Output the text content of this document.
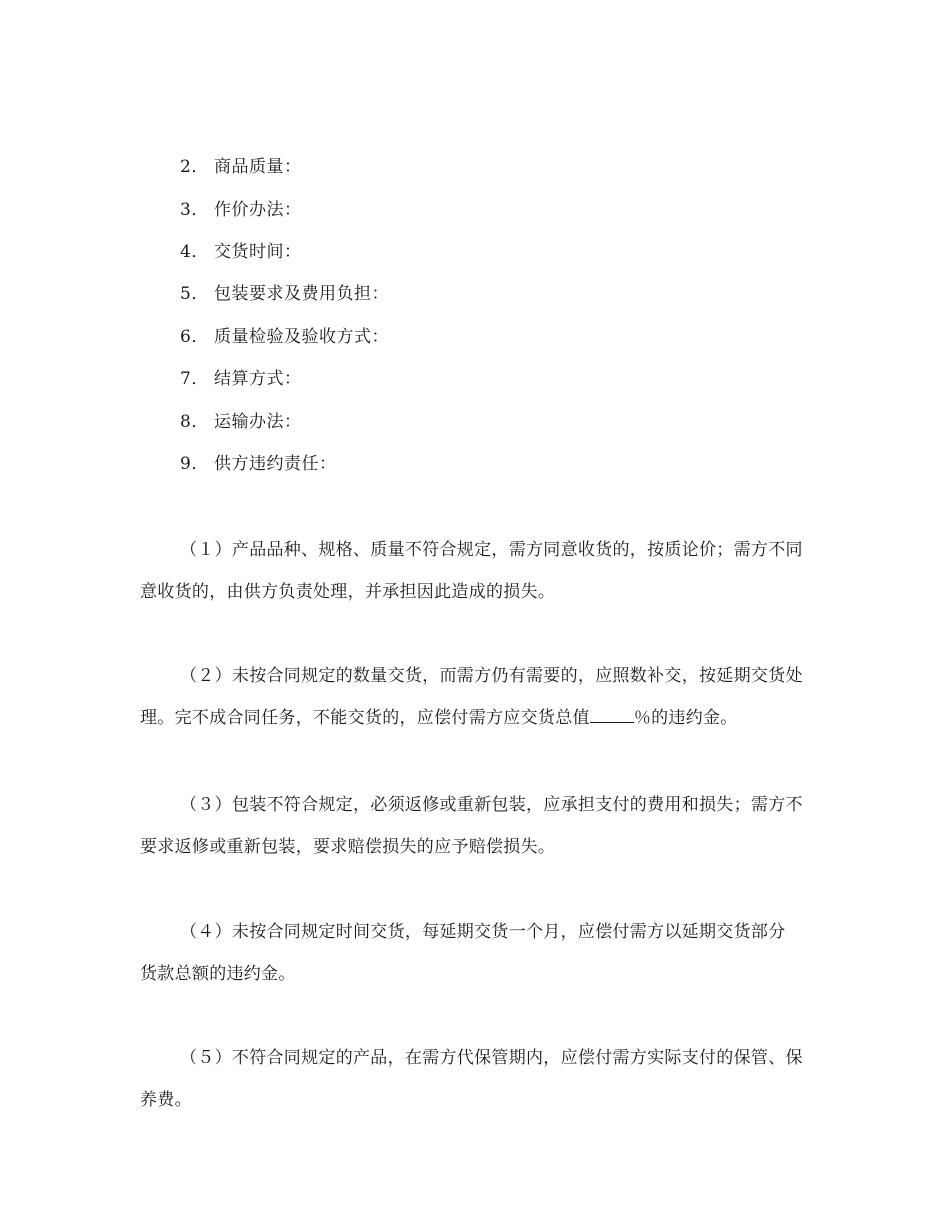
2． 商品质量：
3． 作价办法：
4． 交货时间：
5． 包装要求及费用负担：
6． 质量检验及验收方式：
7． 结算方式：
8． 运输办法：
9． 供方违约责任：
（１）产品品种、规格、质量不符合规定，需方同意收货的，按质论价；需方不同
意收货的，由供方负责处理，并承担因此造成的损失。
（２）未按合同规定的数量交货，而需方仍有需要的，应照数补交，按延期交货处
理。完不成合同任务，不能交货的，应偿付需方应交货总值	％的违约金。
（３）包装不符合规定，必须返修或重新包装，应承担支付的费用和损失；需方不
要求返修或重新包装，要求赔偿损失的应予赔偿损失。
（４）未按合同规定时间交货，每延期交货一个月，应偿付需方以延期交货部分
货款总额的违约金。
（５）不符合同规定的产品，在需方代保管期内，应偿付需方实际支付的保管、保
养费。
